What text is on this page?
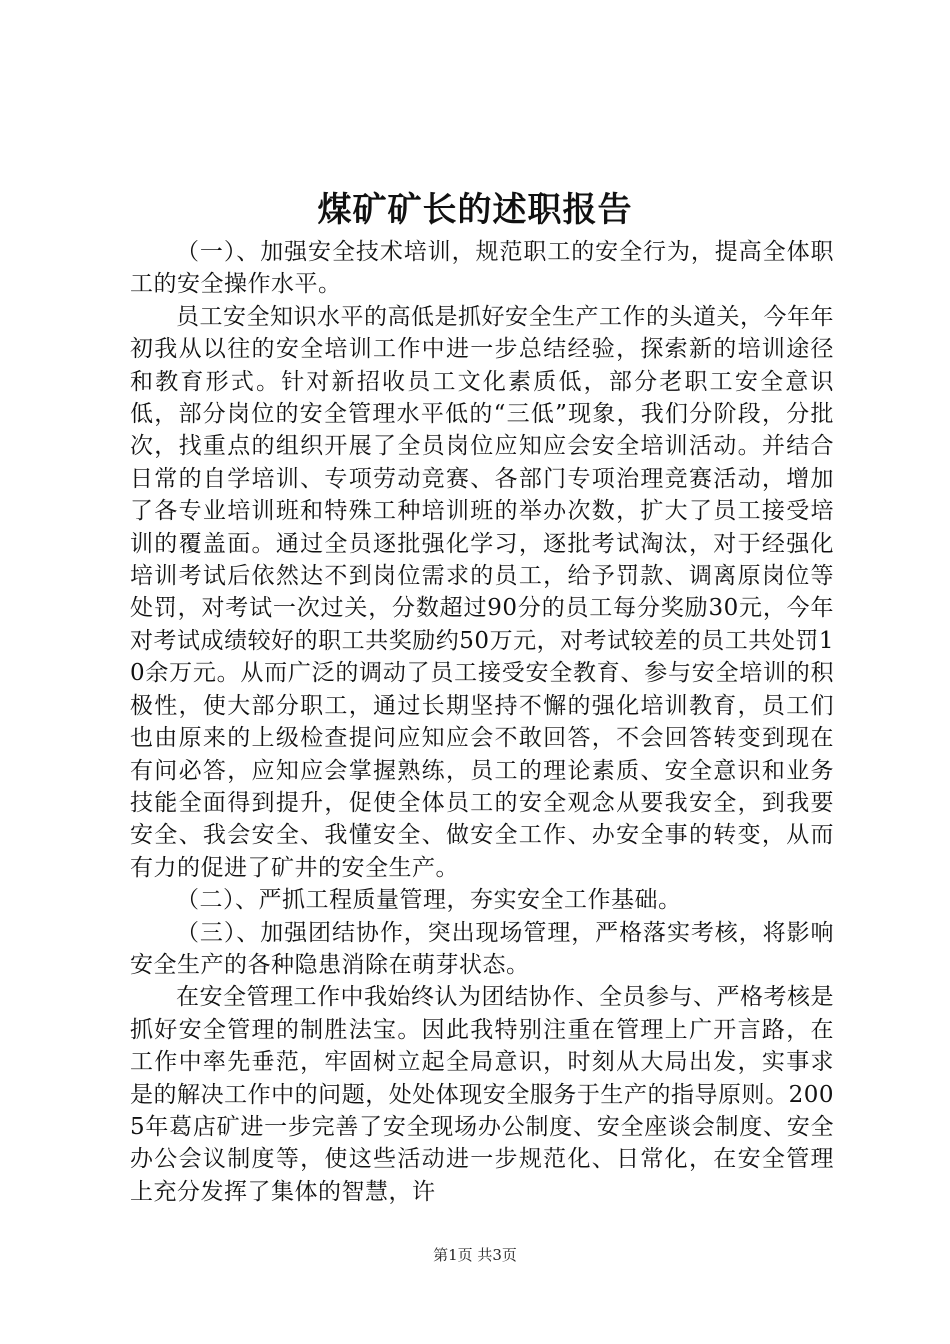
煤矿矿长的述职报告

（一）、加强安全技术培训，规范职工的安全行为，提高全体职工的安全操作水平。

员工安全知识水平的高低是抓好安全生产工作的头道关，今年年初我从以往的安全培训工作中进一步总结经验，探索新的培训途径和教育形式。针对新招收员工文化素质低，部分老职工安全意识低，部分岗位的安全管理水平低的“三低”现象，我们分阶段，分批次，找重点的组织开展了全员岗位应知应会安全培训活动。并结合日常的自学培训、专项劳动竞赛、各部门专项治理竞赛活动，增加了各专业培训班和特殊工种培训班的举办次数，扩大了员工接受培训的覆盖面。通过全员逐批强化学习，逐批考试淘汰，对于经强化培训考试后依然达不到岗位需求的员工，给予罚款、调离原岗位等处罚，对考试一次过关，分数超过90分的员工每分奖励30元，今年对考试成绩较好的职工共奖励约50万元，对考试较差的员工共处罚10余万元。从而广泛的调动了员工接受安全教育、参与安全培训的积极性，使大部分职工，通过长期坚持不懈的强化培训教育，员工们也由原来的上级检查提问应知应会不敢回答，不会回答转变到现在有问必答，应知应会掌握熟练，员工的理论素质、安全意识和业务技能全面得到提升，促使全体员工的安全观念从要我安全，到我要安全、我会安全、我懂安全、做安全工作、办安全事的转变，从而有力的促进了矿井的安全生产。

（二）、严抓工程质量管理，夯实安全工作基础。

（三）、加强团结协作，突出现场管理，严格落实考核，将影响安全生产的各种隐患消除在萌芽状态。

在安全管理工作中我始终认为团结协作、全员参与、严格考核是抓好安全管理的制胜法宝。因此我特别注重在管理上广开言路，在工作中率先垂范，牢固树立起全局意识，时刻从大局出发，实事求是的解决工作中的问题，处处体现安全服务于生产的指导原则。2005年葛店矿进一步完善了安全现场办公制度、安全座谈会制度、安全办公会议制度等，使这些活动进一步规范化、日常化，在安全管理上充分发挥了集体的智慧，许

第1页 共3页
